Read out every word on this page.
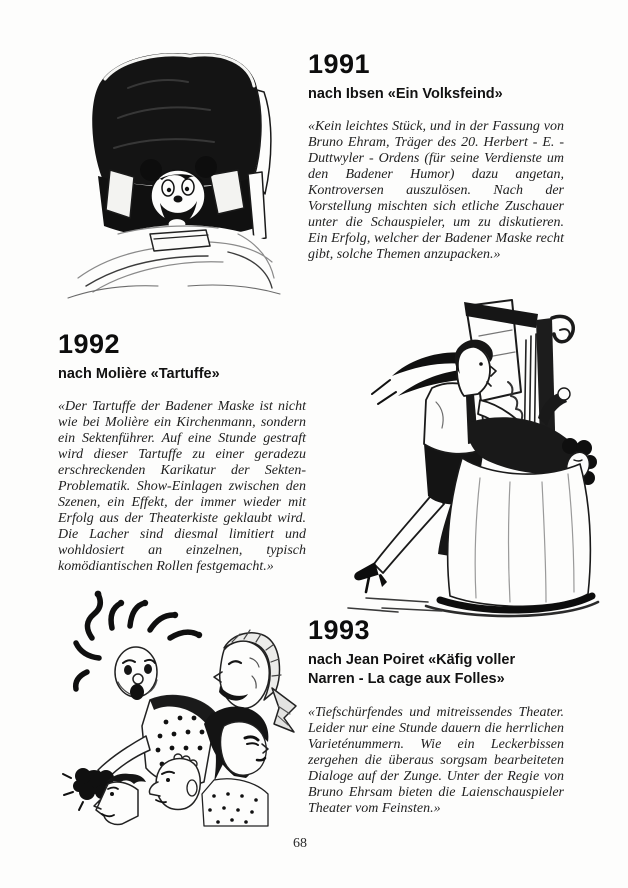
1991
nach Ibsen «Ein Volksfeind»

«Kein leichtes Stück, und in der Fassung von Bruno Ehram, Träger des 20. Herbert - E. - Duttwyler - Ordens (für seine Verdienste um den Badener Humor) dazu angetan, Kontroversen auszulösen. Nach der Vorstellung mischten sich etliche Zuschauer unter die Schauspieler, um zu diskutieren. Ein Erfolg, welcher der Badener Maske recht gibt, solche Themen anzupacken.»

1992
nach Molière «Tartuffe»

«Der Tartuffe der Badener Maske ist nicht wie bei Molière ein Kirchenmann, sondern ein Sektenführer. Auf eine Stunde gestraft wird dieser Tartuffe zu einer geradezu erschreckenden Karikatur der Sekten-Problematik. Show-Einlagen zwischen den Szenen, ein Effekt, der immer wieder mit Erfolg aus der Theaterkiste geklaubt wird. Die Lacher sind diesmal limitiert und wohldosiert an einzelnen, typisch komödiantischen Rollen festgemacht.»

1993
nach Jean Poiret «Käfig voller Narren - La cage aux Folles»

«Tiefschürfendes und mitreissendes Theater. Leider nur eine Stunde dauern die herrlichen Varieténummern. Wie ein Leckerbissen zergehen die überaus sorgsam bearbeiteten Dialoge auf der Zunge. Unter der Regie von Bruno Ehrsam bieten die Laienschauspieler Theater vom Feinsten.»

68
